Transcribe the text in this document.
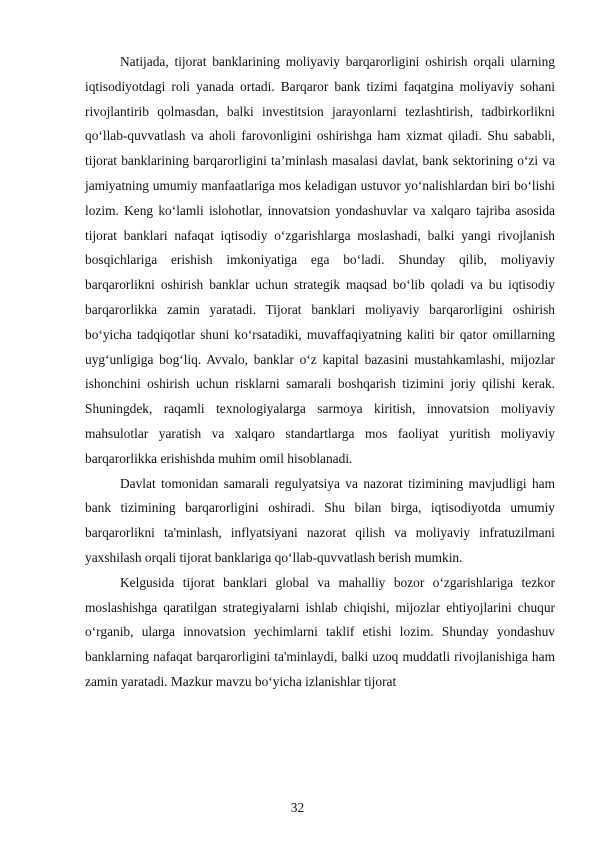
Natijada, tijorat banklarining moliyaviy barqarorligini oshirish orqali ularning iqtisodiyotdagi roli yanada ortadi. Barqaror bank tizimi faqatgina moliyaviy sohani rivojlantirib qolmasdan, balki investitsion jarayonlarni tezlashtirish, tadbirkorlikni qo‘llab-quvvatlash va aholi farovonligini oshirishga ham xizmat qiladi. Shu sababli, tijorat banklarining barqarorligini ta’minlash masalasi davlat, bank sektorining o‘zi va jamiyatning umumiy manfaatlariga mos keladigan ustuvor yo‘nalishlardan biri bo‘lishi lozim. Keng ko‘lamli islohotlar, innovatsion yondashuvlar va xalqaro tajriba asosida tijorat banklari nafaqat iqtisodiy o‘zgarishlarga moslashadi, balki yangi rivojlanish bosqichlariga erishish imkoniyatiga ega bo‘ladi. Shunday qilib, moliyaviy barqarorlikni oshirish banklar uchun strategik maqsad bo‘lib qoladi va bu iqtisodiy barqarorlikka zamin yaratadi. Tijorat banklari moliyaviy barqarorligini oshirish bo‘yicha tadqiqotlar shuni ko‘rsatadiki, muvaffaqiyatning kaliti bir qator omillarning uyg‘unligiga bog‘liq. Avvalo, banklar o‘z kapital bazasini mustahkamlashi, mijozlar ishonchini oshirish uchun risklarni samarali boshqarish tizimini joriy qilishi kerak. Shuningdek, raqamli texnologiyalarga sarmoya kiritish, innovatsion moliyaviy mahsulotlar yaratish va xalqaro standartlarga mos faoliyat yuritish moliyaviy barqarorlikka erishishda muhim omil hisoblanadi.

Davlat tomonidan samarali regulyatsiya va nazorat tizimining mavjudligi ham bank tizimining barqarorligini oshiradi. Shu bilan birga, iqtisodiyotda umumiy barqarorlikni ta'minlash, inflyatsiyani nazorat qilish va moliyaviy infratuzilmani yaxshilash orqali tijorat banklariga qo‘llab-quvvatlash berish mumkin.

Kelgusida tijorat banklari global va mahalliy bozor o‘zgarishlariga tezkor moslashishga qaratilgan strategiyalarni ishlab chiqishi, mijozlar ehtiyojlarini chuqur o‘rganib, ularga innovatsion yechimlarni taklif etishi lozim. Shunday yondashuv banklarning nafaqat barqarorligini ta'minlaydi, balki uzoq muddatli rivojlanishiga ham zamin yaratadi. Mazkur mavzu bo‘yicha izlanishlar tijorat

32
